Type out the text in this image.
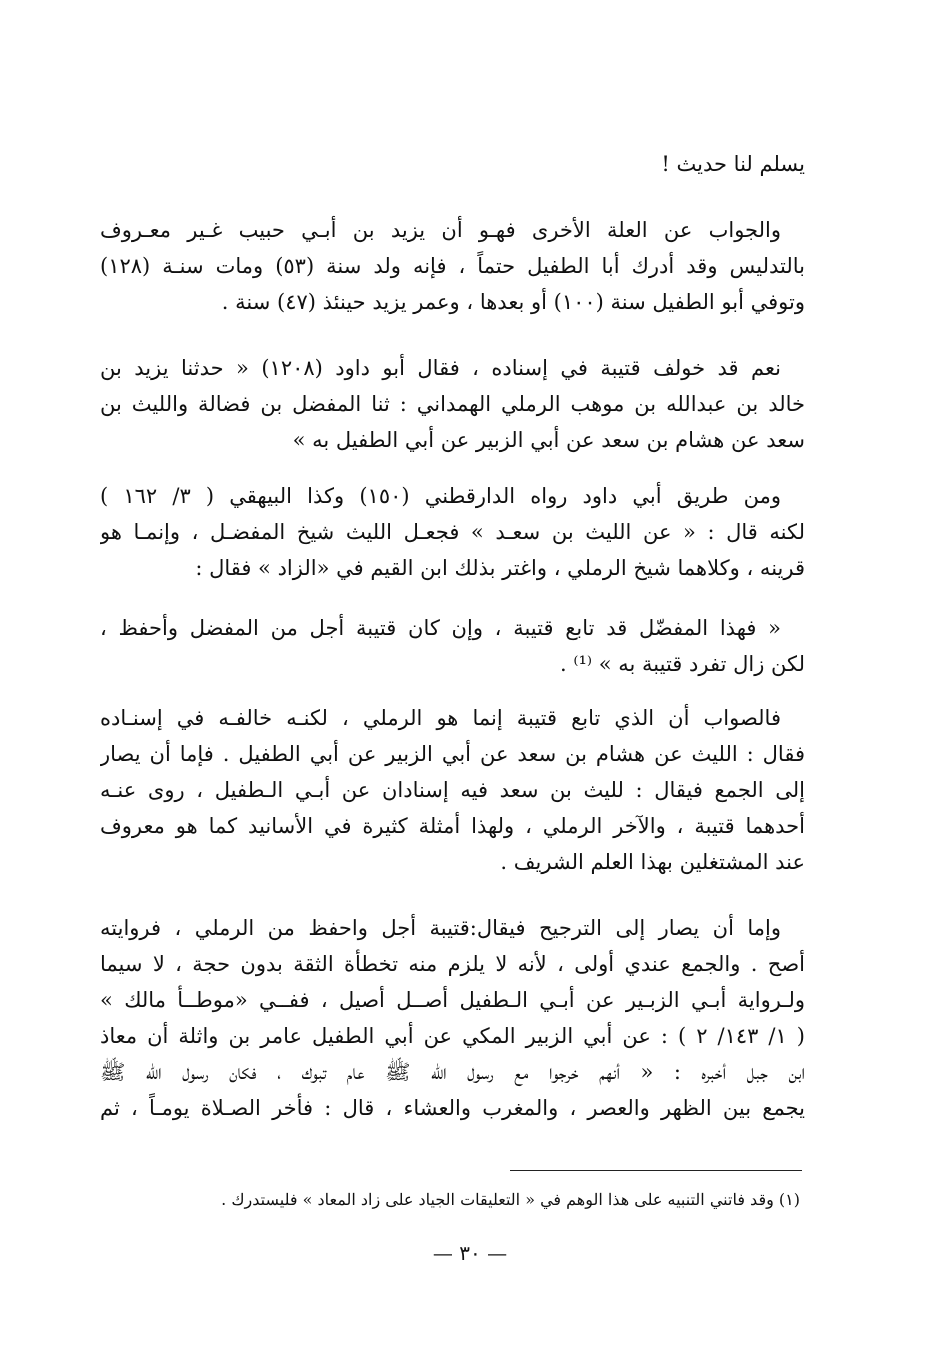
يسلم لنا حديث !
والجواب عن العلة الأخرى فهـو أن يزيد بن أبـي حبيب غـير معـروف
بالتدليس وقد أدرك أبا الطفيل حتماً ، فإنه ولد سنة (٥٣) ومات سنـة (١٢٨)
وتوفي أبو الطفيل سنة (١٠٠) أو بعدها ، وعمر يزيد حينئذ (٤٧) سنة .
نعم قد خولف قتيبة في إسناده ، فقال أبو داود (١٢٠٨) « حدثنا يزيد بن
خالد بن عبدالله بن موهب الرملي الهمداني : ثنا المفضل بن فضالة والليث بن
سعد عن هشام بن سعد عن أبي الزبير عن أبي الطفيل به »
ومن طريق أبي داود رواه الدارقطني (١٥٠) وكذا البيهقي ( ٣/ ١٦٢ )
لكنه قال : « عن الليث بن سعـد » فجعـل الليث شيخ المفضـل ، وإنمـا هو
قرينه ، وكلاهما شيخ الرملي ، واغتر بذلك ابن القيم في «الزاد » فقال :
« فهذا المفضّل قد تابع قتيبة ، وإن كان قتيبة أجل من المفضل وأحفظ ،
لكن زال تفرد قتيبة به » ⁽¹⁾ .
فالصواب أن الذي تابع قتيبة إنما هو الرملي ، لكنـه خالفـه في إسنـاده
فقال : الليث عن هشام بن سعد عن أبي الزبير عن أبي الطفيل . فإما أن يصار
إلى الجمع فيقال : لليث بن سعد فيه إسنادان عن أبـي الـطفيل ، روى عنـه
أحدهما قتيبة ، والآخر الرملي ، ولهذا أمثلة كثيرة في الأسانيد كما هو معروف
عند المشتغلين بهذا العلم الشريف .
وإما أن يصار إلى الترجيح فيقال:قتيبة أجل واحفظ من الرملي ، فروايته
أصح . والجمع عندي أولى ، لأنه لا يلزم منه تخطأة الثقة بدون حجة ، لا سيما
ولـرواية أبـي الزبـير عن أبـي الـطفيل أصــل أصيل ، ففــي «موطــأ مالك »
( ١/ ١٤٣/ ٢ ) : عن أبي الزبير المكي عن أبي الطفيل عامر بن واثلة أن معاذ
ابن جبل أخبره : « أنهم خرجوا مع رسول الله ﷺ عام تبوك ، فكان رسول الله ﷺ
يجمع بين الظهر والعصر ، والمغرب والعشاء ، قال : فأخر الصـلاة يومـاً ، ثم
(١) وقد فاتني التنبيه على هذا الوهم في « التعليقات الجياد على زاد المعاد » فليستدرك .
— ٣٠ —
